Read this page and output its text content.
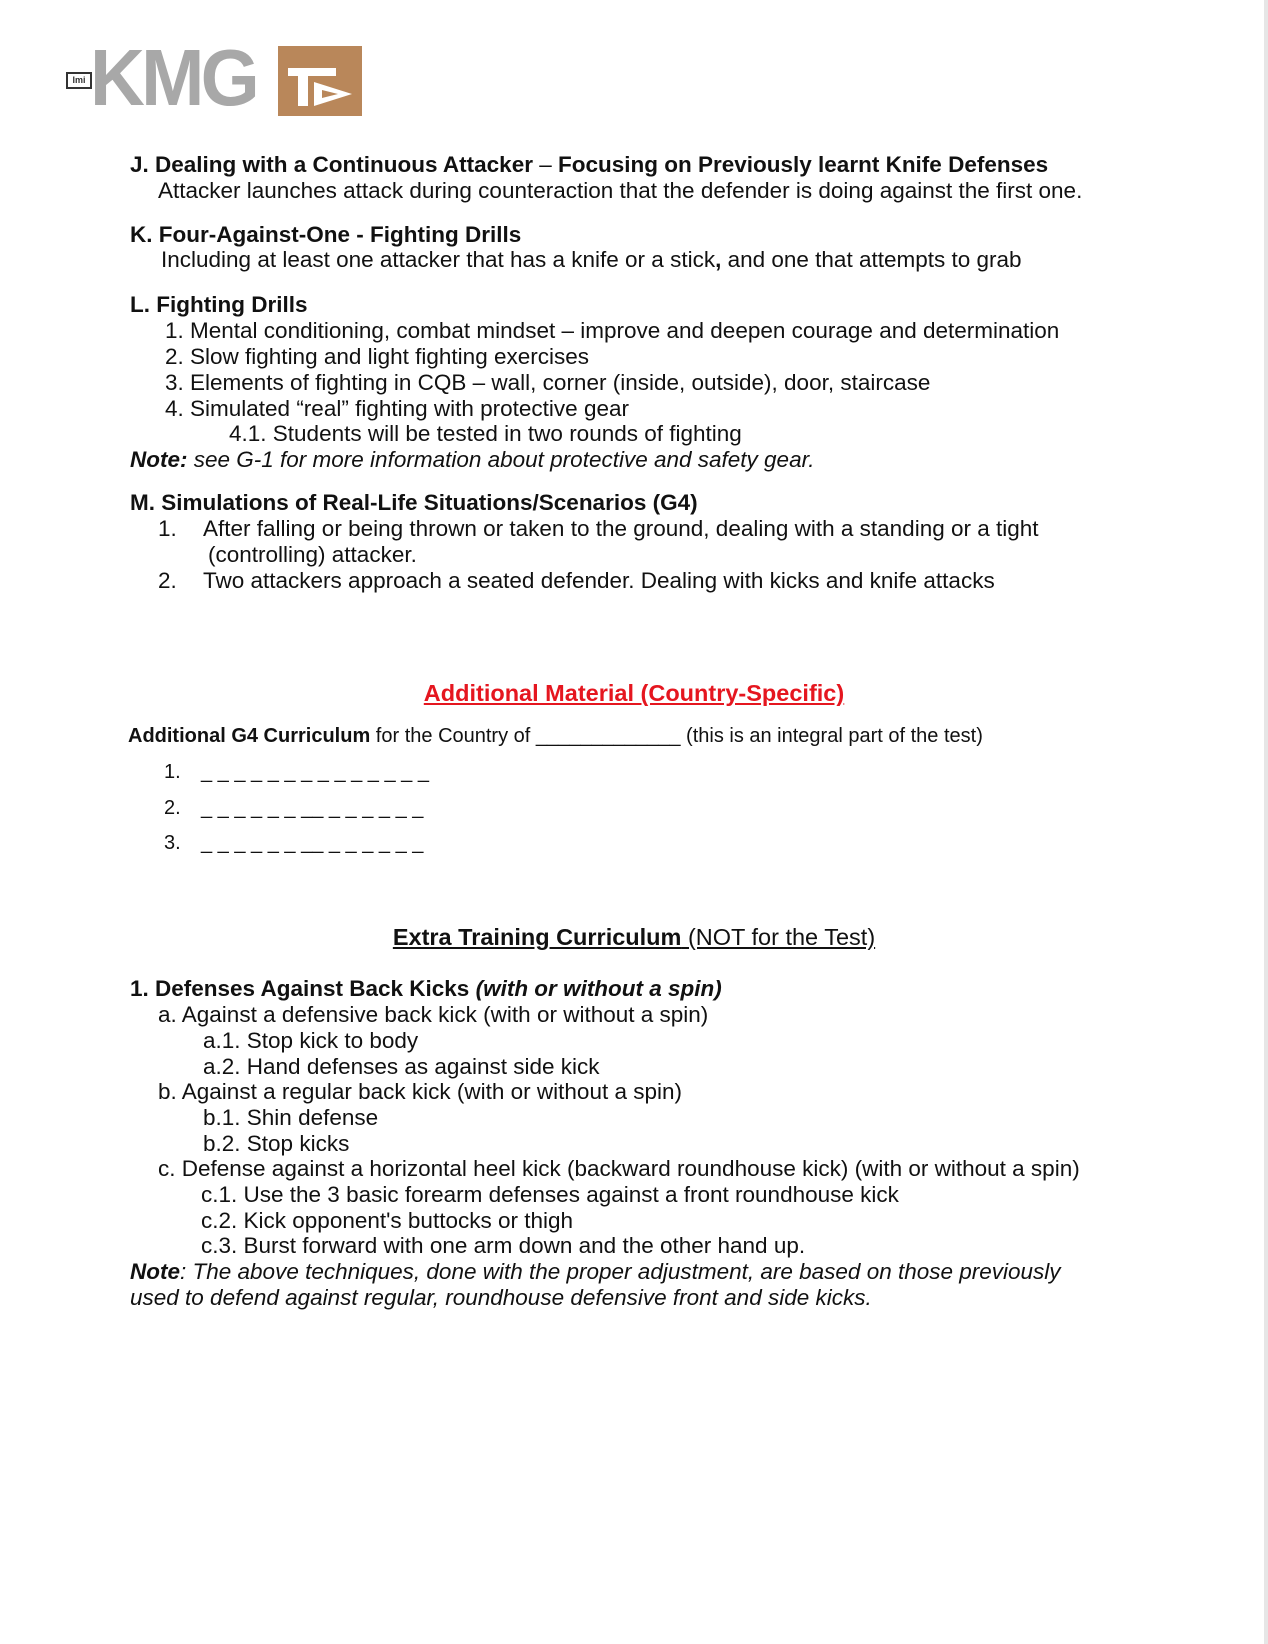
Imi KMG
J. Dealing with a Continuous Attacker – Focusing on Previously learnt Knife Defenses
Attacker launches attack during counteraction that the defender is doing against the first one.
K. Four-Against-One - Fighting Drills
Including at least one attacker that has a knife or a stick, and one that attempts to grab
L. Fighting Drills
1. Mental conditioning, combat mindset – improve and deepen courage and determination
2. Slow fighting and light fighting exercises
3. Elements of fighting in CQB – wall, corner (inside, outside), door, staircase
4. Simulated “real” fighting with protective gear
4.1. Students will be tested in two rounds of fighting
Note: see G-1 for more information about protective and safety gear.
M. Simulations of Real-Life Situations/Scenarios (G4)
1. After falling or being thrown or taken to the ground, dealing with a standing or a tight
(controlling) attacker.
2. Two attackers approach a seated defender. Dealing with kicks and knife attacks
Additional Material (Country-Specific)
Additional G4 Curriculum for the Country of _____________ (this is an integral part of the test)
1. _ _ _ _ _ _ _ _ _ _ _ _ _ _
2. _ _ _ _ _ _ __ _ _ _ _ _ _
3. _ _ _ _ _ _ __ _ _ _ _ _ _
Extra Training Curriculum (NOT for the Test)
1. Defenses Against Back Kicks (with or without a spin)
a. Against a defensive back kick (with or without a spin)
a.1. Stop kick to body
a.2. Hand defenses as against side kick
b. Against a regular back kick (with or without a spin)
b.1. Shin defense
b.2. Stop kicks
c. Defense against a horizontal heel kick (backward roundhouse kick) (with or without a spin)
c.1. Use the 3 basic forearm defenses against a front roundhouse kick
c.2. Kick opponent's buttocks or thigh
c.3. Burst forward with one arm down and the other hand up.
Note: The above techniques, done with the proper adjustment, are based on those previously
used to defend against regular, roundhouse defensive front and side kicks.
